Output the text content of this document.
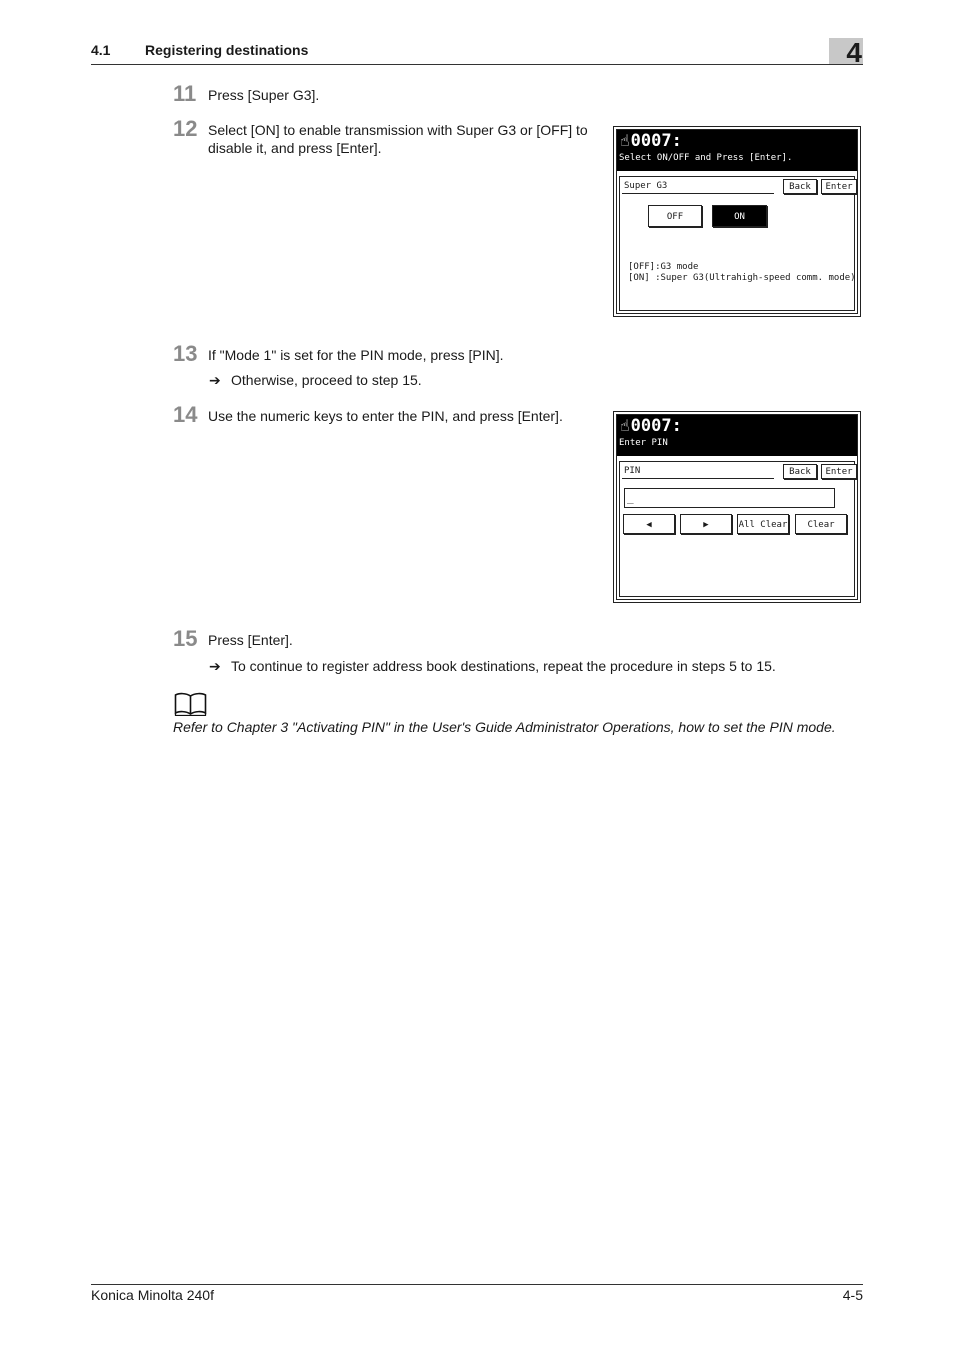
4.1 Registering destinations	4
11 Press [Super G3].
12 Select [ON] to enable transmission with Super G3 or [OFF] to
disable it, and press [Enter].	☝0007:
Select ON/OFF and Press [Enter].
Super G3	Back	Enter
OFF	ON
[OFF]:G3 mode
[ON] :Super G3(Ultrahigh-speed comm. mode)
13 If "Mode 1" is set for the PIN mode, press [PIN].
➔ Otherwise, proceed to step 15.
14 Use the numeric keys to enter the PIN, and press [Enter].	☝0007:
Enter PIN
PIN	Back	Enter
_
◀	▶	All Clear	Clear
15 Press [Enter].
➔ To continue to register address book destinations, repeat the procedure in steps 5 to 15.
Refer to Chapter 3 "Activating PIN" in the User's Guide Administrator Operations, how to set the PIN mode.
Konica Minolta 240f	4-5
